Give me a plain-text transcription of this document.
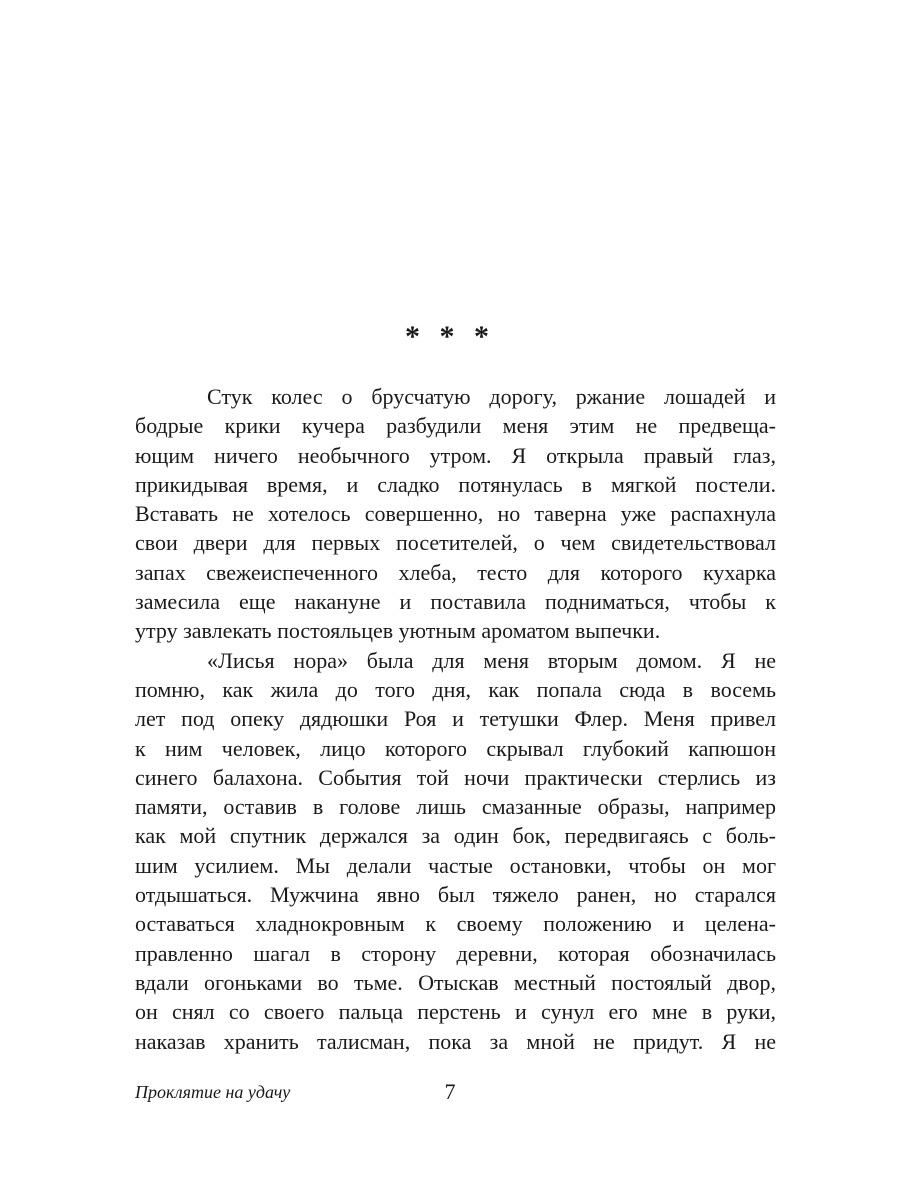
* * *
Стук колес о брусчатую дорогу, ржание лошадей и
бодрые крики кучера разбудили меня этим не предвеща-
ющим ничего необычного утром. Я открыла правый глаз,
прикидывая время, и сладко потянулась в мягкой постели.
Вставать не хотелось совершенно, но таверна уже распахнула
свои двери для первых посетителей, о чем свидетельствовал
запах свежеиспеченного хлеба, тесто для которого кухарка
замесила еще накануне и поставила подниматься, чтобы к
утру завлекать постояльцев уютным ароматом выпечки.
«Лисья нора» была для меня вторым домом. Я не
помню, как жила до того дня, как попала сюда в восемь
лет под опеку дядюшки Роя и тетушки Флер. Меня привел
к ним человек, лицо которого скрывал глубокий капюшон
синего балахона. События той ночи практически стерлись из
памяти, оставив в голове лишь смазанные образы, например
как мой спутник держался за один бок, передвигаясь с боль-
шим усилием. Мы делали частые остановки, чтобы он мог
отдышаться. Мужчина явно был тяжело ранен, но старался
оставаться хладнокровным к своему положению и целена-
правленно шагал в сторону деревни, которая обозначилась
вдали огоньками во тьме. Отыскав местный постоялый двор,
он снял со своего пальца перстень и сунул его мне в руки,
наказав хранить талисман, пока за мной не придут. Я не
Проклятие на удачу	7
